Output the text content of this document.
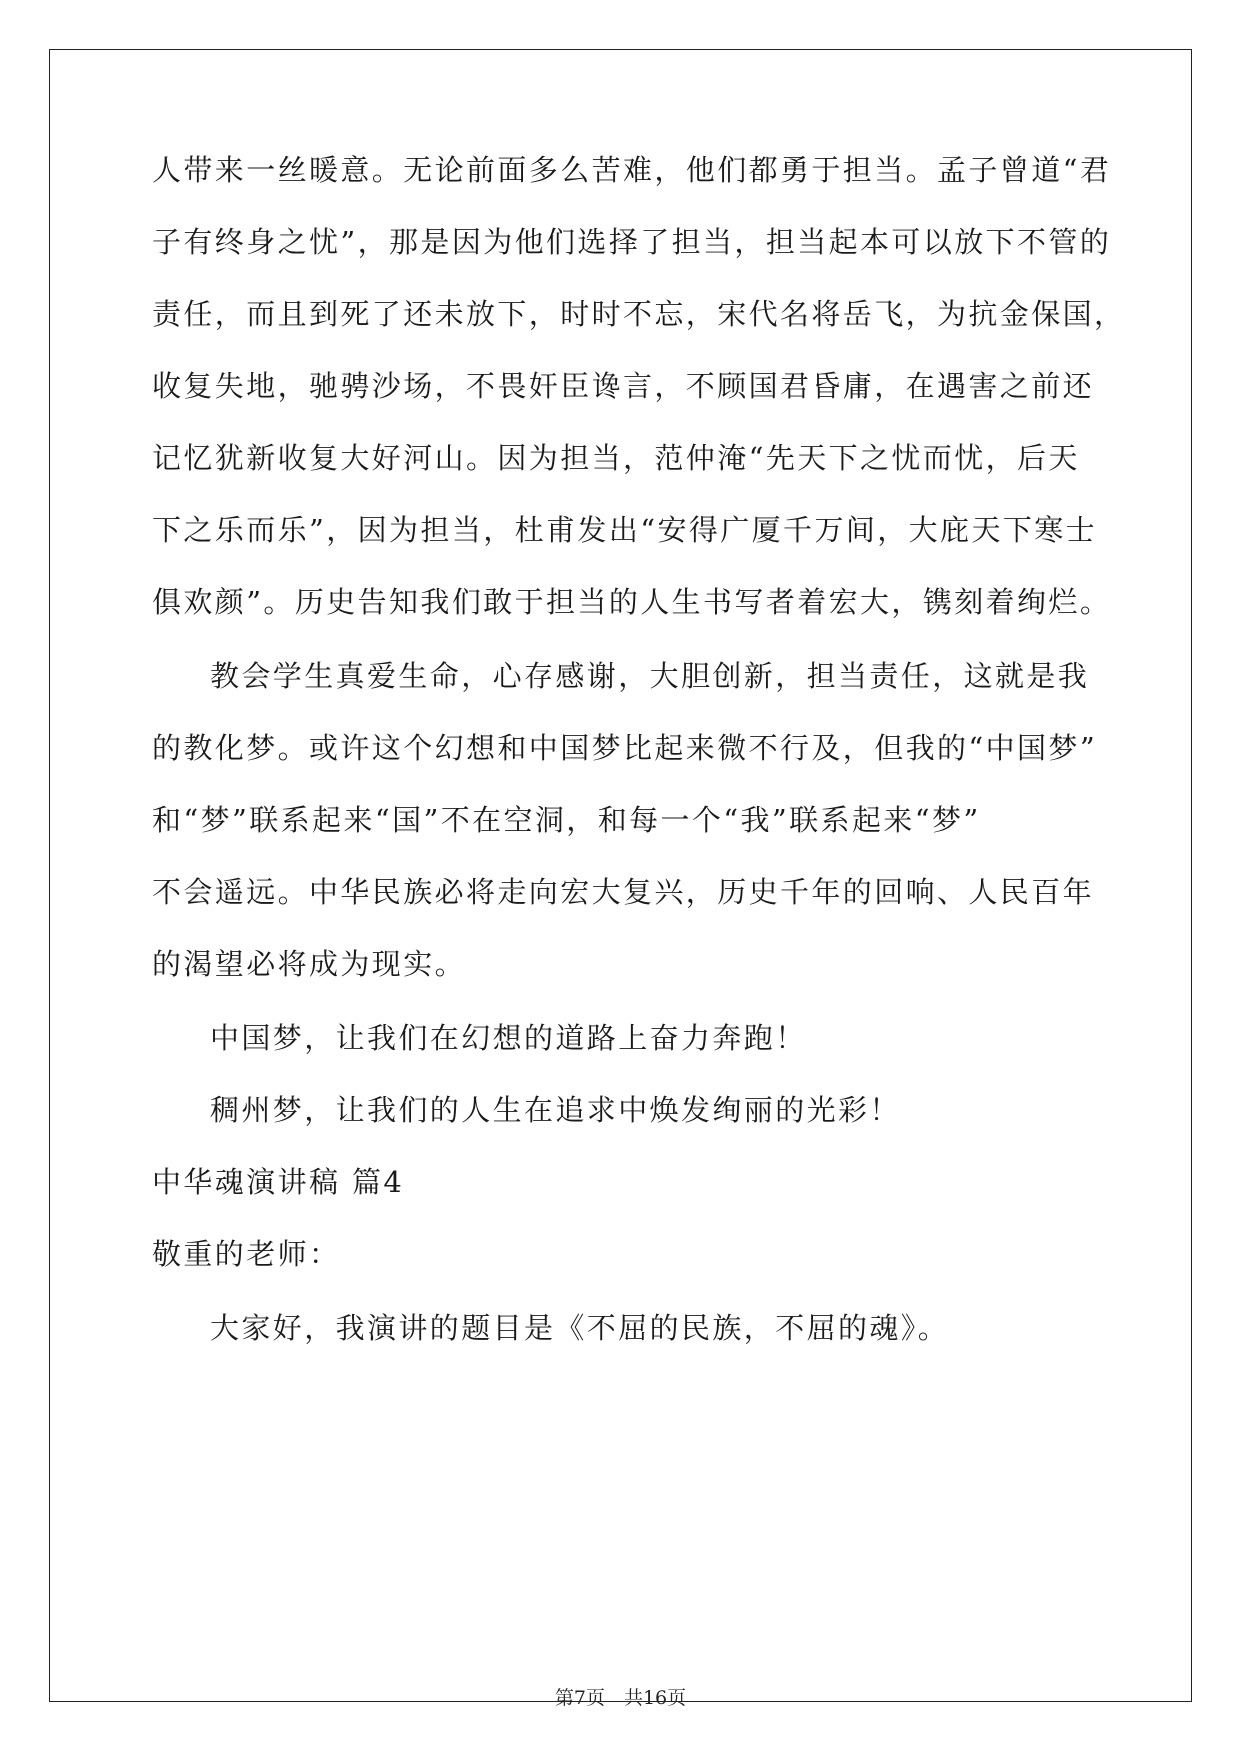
人带来一丝暖意。无论前面多么苦难，他们都勇于担当。孟子曾道“君
子有终身之忧”，那是因为他们选择了担当，担当起本可以放下不管的
责任，而且到死了还未放下，时时不忘，宋代名将岳飞，为抗金保国，
收复失地，驰骋沙场，不畏奸臣谗言，不顾国君昏庸，在遇害之前还
记忆犹新收复大好河山。因为担当，范仲淹“先天下之忧而忧，后天
下之乐而乐”，因为担当，杜甫发出“安得广厦千万间，大庇天下寒士
俱欢颜”。历史告知我们敢于担当的人生书写者着宏大，镌刻着绚烂。
教会学生真爱生命，心存感谢，大胆创新，担当责任，这就是我
的教化梦。或许这个幻想和中国梦比起来微不行及，但我的“中国梦”
和“梦”联系起来“国”不在空洞，和每一个“我”联系起来“梦”
不会遥远。中华民族必将走向宏大复兴，历史千年的回响、人民百年
的渴望必将成为现实。
中国梦，让我们在幻想的道路上奋力奔跑！
稠州梦，让我们的人生在追求中焕发绚丽的光彩！
中华魂演讲稿 篇4
敬重的老师：
大家好，我演讲的题目是《不屈的民族，不屈的魂》。
第7页　共16页
